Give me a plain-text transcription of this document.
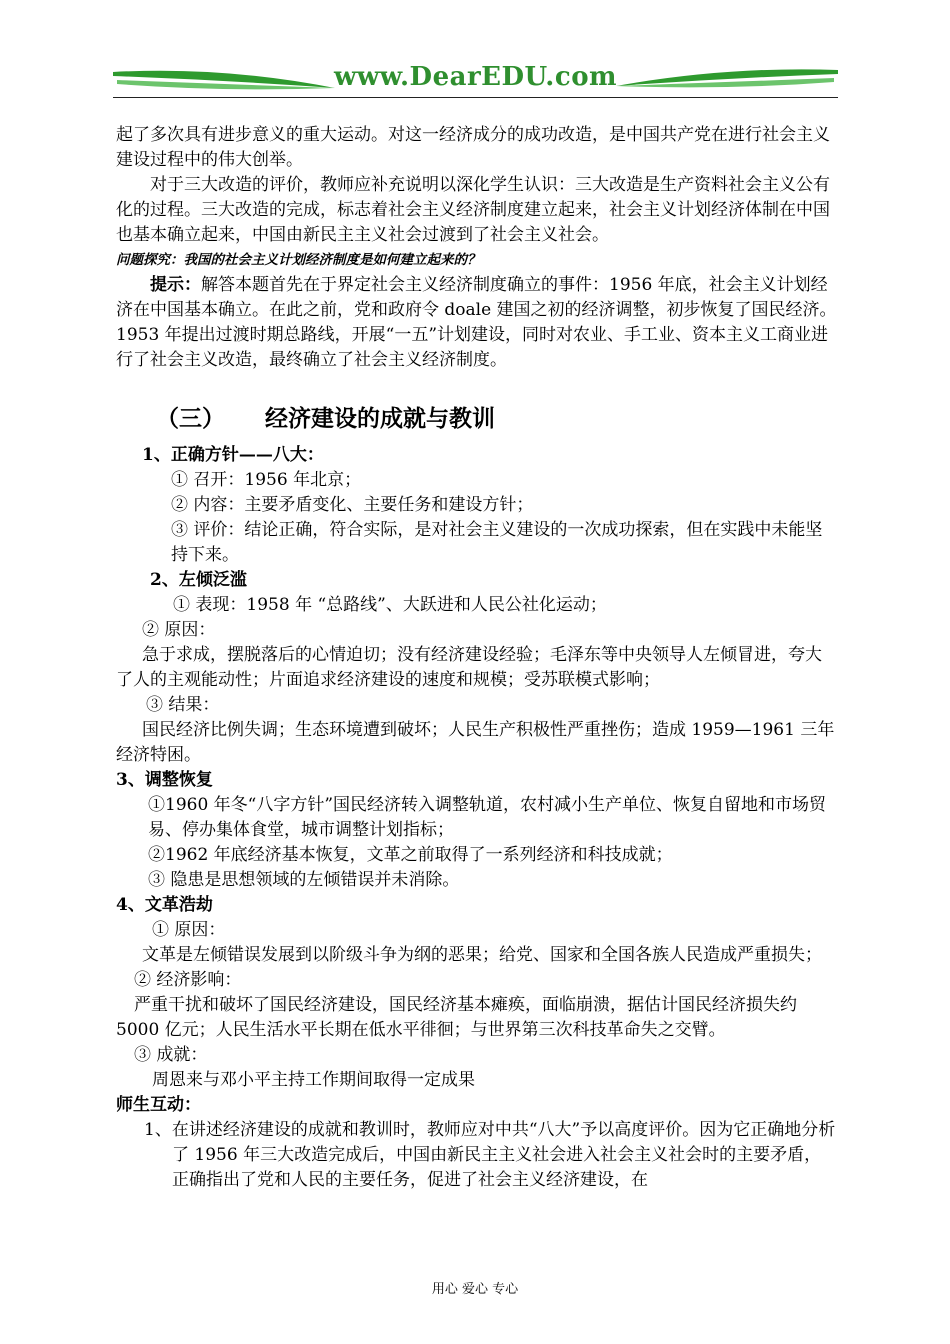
www.DearEDU.com

起了多次具有进步意义的重大运动。对这一经济成分的成功改造，是中国共产党在进行社会主义建设过程中的伟大创举。

对于三大改造的评价，教师应补充说明以深化学生认识：三大改造是生产资料社会主义公有化的过程。三大改造的完成，标志着社会主义经济制度建立起来，社会主义计划经济体制在中国也基本确立起来，中国由新民主主义社会过渡到了社会主义社会。

问题探究：我国的社会主义计划经济制度是如何建立起来的？

提示：解答本题首先在于界定社会主义经济制度确立的事件：1956 年底，社会主义计划经济在中国基本确立。在此之前，党和政府令 doale 建国之初的经济调整，初步恢复了国民经济。1953 年提出过渡时期总路线，开展“一五”计划建设，同时对农业、手工业、资本主义工商业进行了社会主义改造，最终确立了社会主义经济制度。

（三） 经济建设的成就与教训

1、正确方针——八大：

① 召开：1956 年北京；

② 内容：主要矛盾变化、主要任务和建设方针；

③ 评价：结论正确，符合实际，是对社会主义建设的一次成功探索，但在实践中未能坚持下来。

2、左倾泛滥

① 表现：1958 年 “总路线”、大跃进和人民公社化运动；

② 原因：

急于求成，摆脱落后的心情迫切；没有经济建设经验；毛泽东等中央领导人左倾冒进，夸大了人的主观能动性；片面追求经济建设的速度和规模；受苏联模式影响；

③ 结果：

国民经济比例失调；生态环境遭到破坏；人民生产积极性严重挫伤；造成 1959—1961 三年经济特困。

3、调整恢复

①1960 年冬“八字方针”国民经济转入调整轨道，农村减小生产单位、恢复自留地和市场贸易、停办集体食堂，城市调整计划指标；

②1962 年底经济基本恢复，文革之前取得了一系列经济和科技成就；

③ 隐患是思想领域的左倾错误并未消除。

4、文革浩劫

① 原因：

文革是左倾错误发展到以阶级斗争为纲的恶果；给党、国家和全国各族人民造成严重损失；

② 经济影响：

严重干扰和破坏了国民经济建设，国民经济基本瘫痪，面临崩溃，据估计国民经济损失约 5000 亿元；人民生活水平长期在低水平徘徊；与世界第三次科技革命失之交臂。

③ 成就：

周恩来与邓小平主持工作期间取得一定成果

师生互动：

1、在讲述经济建设的成就和教训时，教师应对中共“八大”予以高度评价。因为它正确地分析了 1956 年三大改造完成后，中国由新民主主义社会进入社会主义社会时的主要矛盾，正确指出了党和人民的主要任务，促进了社会主义经济建设，在

用心 爱心 专心
